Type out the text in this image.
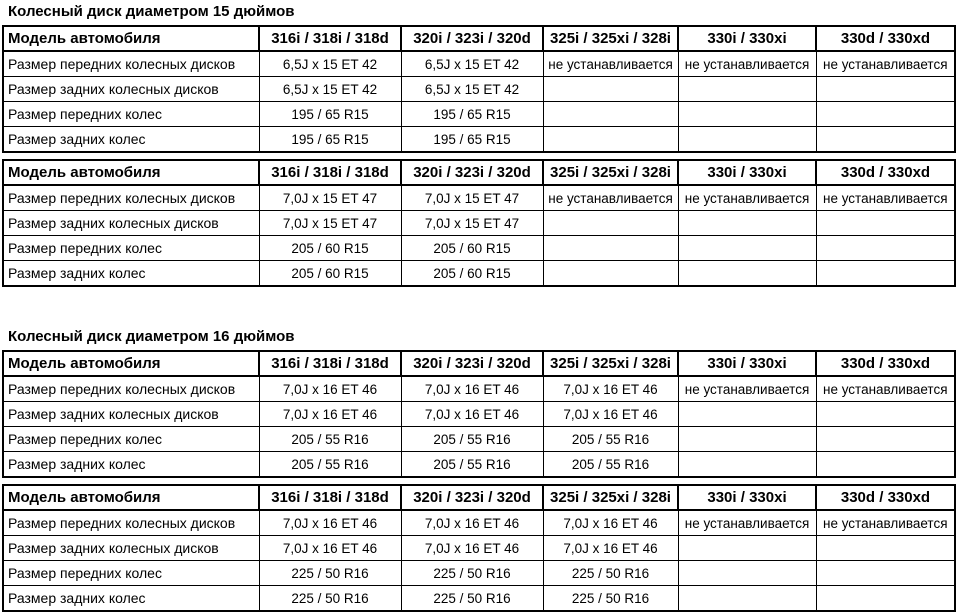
Колесный диск диаметром 15 дюймов
Модель автомобиля	316i / 318i / 318d	320i / 323i / 320d	325i / 325xi / 328i	330i / 330xi	330d / 330xd
Размер передних колесных дисков	6,5J x 15 ET 42	6,5J x 15 ET 42	не устанавливается	не устанавливается	не устанавливается
Размер задних колесных дисков	6,5J x 15 ET 42	6,5J x 15 ET 42			
Размер передних колес	195 / 65 R15	195 / 65 R15			
Размер задних колес	195 / 65 R15	195 / 65 R15			
Модель автомобиля	316i / 318i / 318d	320i / 323i / 320d	325i / 325xi / 328i	330i / 330xi	330d / 330xd
Размер передних колесных дисков	7,0J x 15 ET 47	7,0J x 15 ET 47	не устанавливается	не устанавливается	не устанавливается
Размер задних колесных дисков	7,0J x 15 ET 47	7,0J x 15 ET 47			
Размер передних колес	205 / 60 R15	205 / 60 R15			
Размер задних колес	205 / 60 R15	205 / 60 R15			
Колесный диск диаметром 16 дюймов
Модель автомобиля	316i / 318i / 318d	320i / 323i / 320d	325i / 325xi / 328i	330i / 330xi	330d / 330xd
Размер передних колесных дисков	7,0J x 16 ET 46	7,0J x 16 ET 46	7,0J x 16 ET 46	не устанавливается	не устанавливается
Размер задних колесных дисков	7,0J x 16 ET 46	7,0J x 16 ET 46	7,0J x 16 ET 46		
Размер передних колес	205 / 55 R16	205 / 55 R16	205 / 55 R16		
Размер задних колес	205 / 55 R16	205 / 55 R16	205 / 55 R16		
Модель автомобиля	316i / 318i / 318d	320i / 323i / 320d	325i / 325xi / 328i	330i / 330xi	330d / 330xd
Размер передних колесных дисков	7,0J x 16 ET 46	7,0J x 16 ET 46	7,0J x 16 ET 46	не устанавливается	не устанавливается
Размер задних колесных дисков	7,0J x 16 ET 46	7,0J x 16 ET 46	7,0J x 16 ET 46		
Размер передних колес	225 / 50 R16	225 / 50 R16	225 / 50 R16		
Размер задних колес	225 / 50 R16	225 / 50 R16	225 / 50 R16		
